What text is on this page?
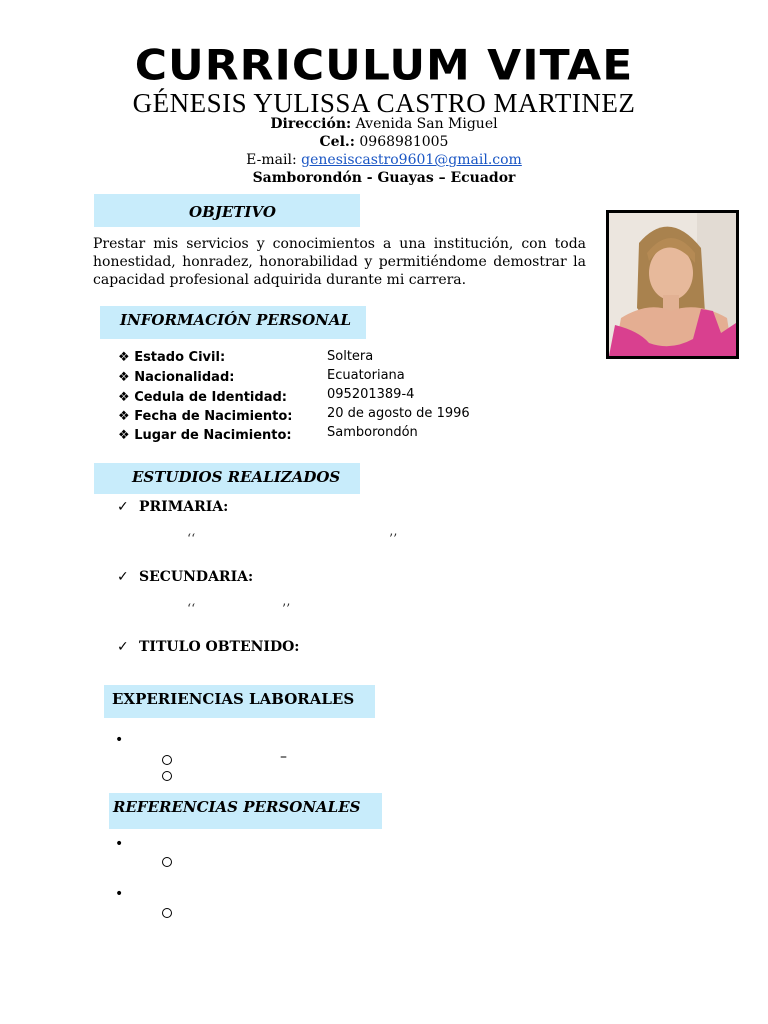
CURRICULUM VITAE
GÉNESIS YULISSA CASTRO MARTINEZ
Dirección: Avenida San Miguel
Cel.: 0968981005
E-mail: genesiscastro9601@gmail.com
Samborondón - Guayas – Ecuador
OBJETIVO
Prestar mis servicios y conocimientos a una institución, con toda honestidad, honradez, honorabilidad y permitiéndome demostrar la capacidad profesional adquirida durante mi carrera.
INFORMACIÓN PERSONAL
❖ Estado Civil:	Soltera
❖ Nacionalidad:	Ecuatoriana
❖ Cedula de Identidad:	095201389-4
❖ Fecha de Nacimiento:	20 de agosto de 1996
❖ Lugar de Nacimiento:	Samborondón
ESTUDIOS REALIZADOS
✓ PRIMARIA:
‘‘	’’
✓ SECUNDARIA:
‘‘	’’
✓ TITULO OBTENIDO:
EXPERIENCIAS LABORALES
•
–
REFERENCIAS PERSONALES
•
•
